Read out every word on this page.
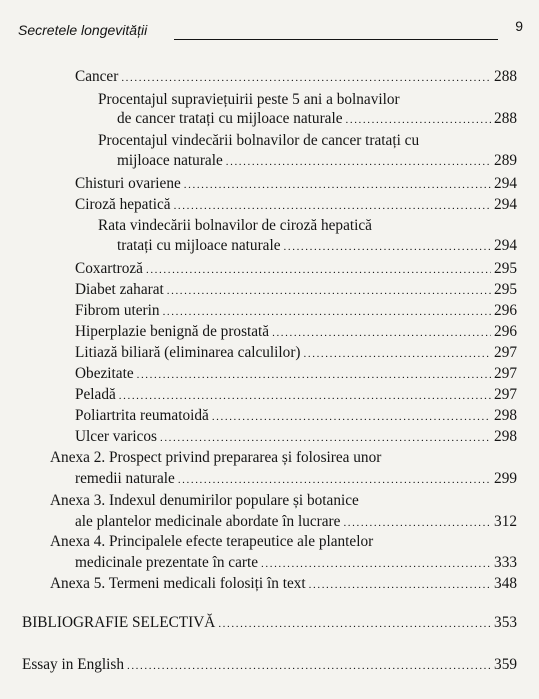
Secretele longevității	9
Cancer .....	288
Procentajul supraviețuirii peste 5 ani a bolnavilor
de cancer tratați cu mijloace naturale .....	288
Procentajul vindecării bolnavilor de cancer tratați cu
mijloace naturale .....	289
Chisturi ovariene .....	294
Ciroză hepatică .....	294
Rata vindecării bolnavilor de ciroză hepatică
tratați cu mijloace naturale .....	294
Coxartroză .....	295
Diabet zaharat .....	295
Fibrom uterin .....	296
Hiperplazie benignă de prostată .....	296
Litiază biliară (eliminarea calculilor) .....	297
Obezitate .....	297
Peladă .....	297
Poliartrita reumatoidă .....	298
Ulcer varicos .....	298
Anexa 2. Prospect privind prepararea și folosirea unor
remedii naturale .....	299
Anexa 3. Indexul denumirilor populare și botanice
ale plantelor medicinale abordate în lucrare .....	312
Anexa 4. Principalele efecte terapeutice ale plantelor
medicinale prezentate în carte .....	333
Anexa 5. Termeni medicali folosiți în text .....	348
BIBLIOGRAFIE SELECTIVĂ .....	353
Essay in English .....	359
